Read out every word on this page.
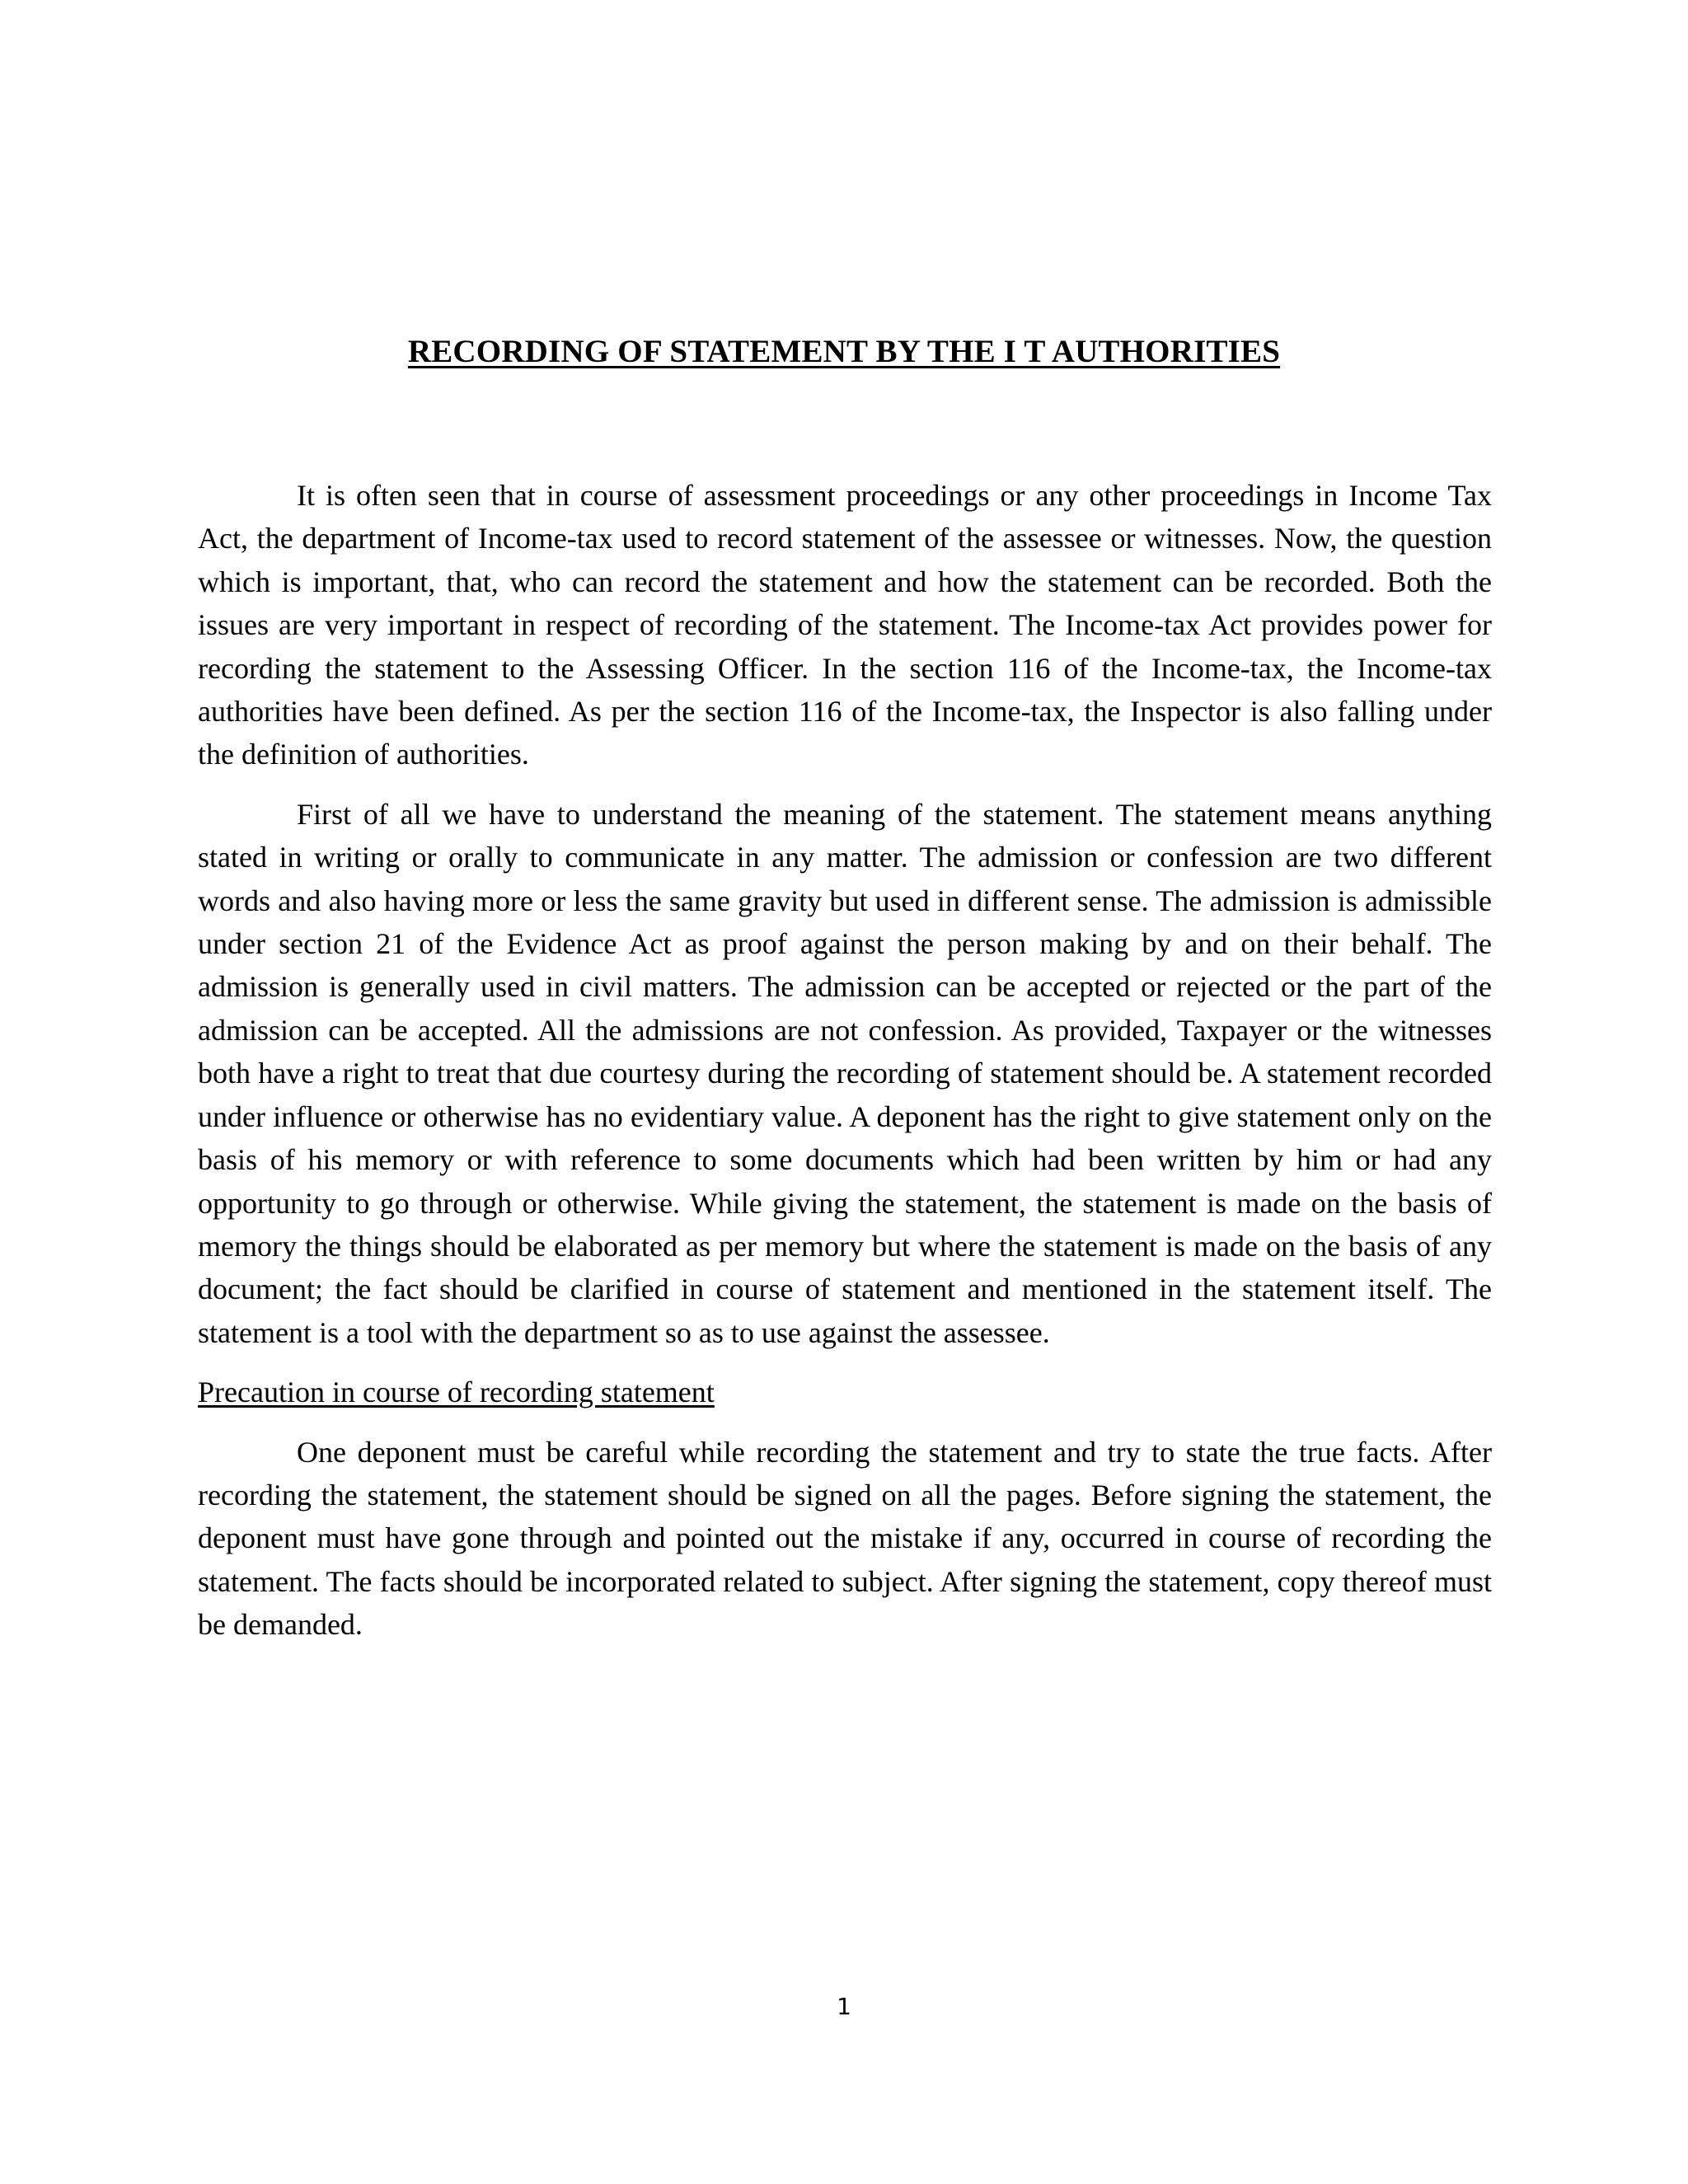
RECORDING OF STATEMENT BY THE I T AUTHORITIES

It is often seen that in course of assessment proceedings or any other proceedings in Income Tax Act, the department of Income-tax used to record statement of the assessee or witnesses. Now, the question which is important, that, who can record the statement and how the statement can be recorded. Both the issues are very important in respect of recording of the statement. The Income-tax Act provides power for recording the statement to the Assessing Officer. In the section 116 of the Income-tax, the Income-tax authorities have been defined. As per the section 116 of the Income-tax, the Inspector is also falling under the definition of authorities.

First of all we have to understand the meaning of the statement. The statement means anything stated in writing or orally to communicate in any matter. The admission or confession are two different words and also having more or less the same gravity but used in different sense. The admission is admissible under section 21 of the Evidence Act as proof against the person making by and on their behalf. The admission is generally used in civil matters. The admission can be accepted or rejected or the part of the admission can be accepted. All the admissions are not confession. As provided, Taxpayer or the witnesses both have a right to treat that due courtesy during the recording of statement should be. A statement recorded under influence or otherwise has no evidentiary value. A deponent has the right to give statement only on the basis of his memory or with reference to some documents which had been written by him or had any opportunity to go through or otherwise. While giving the statement, the statement is made on the basis of memory the things should be elaborated as per memory but where the statement is made on the basis of any document; the fact should be clarified in course of statement and mentioned in the statement itself. The statement is a tool with the department so as to use against the assessee.

Precaution in course of recording statement

One deponent must be careful while recording the statement and try to state the true facts. After recording the statement, the statement should be signed on all the pages. Before signing the statement, the deponent must have gone through and pointed out the mistake if any, occurred in course of recording the statement. The facts should be incorporated related to subject. After signing the statement, copy thereof must be demanded.

1
